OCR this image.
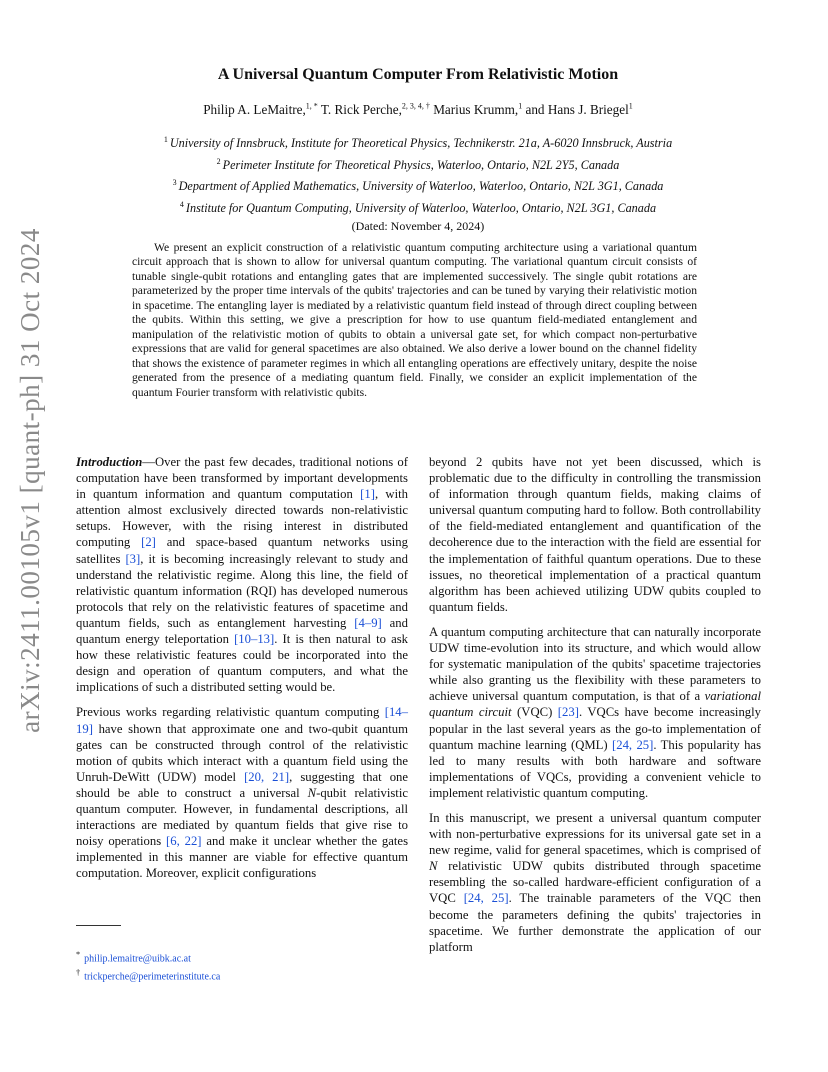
arXiv:2411.00105v1 [quant-ph] 31 Oct 2024
A Universal Quantum Computer From Relativistic Motion
Philip A. LeMaitre,$^{1, *}$ T. Rick Perche,$^{2, 3, 4, \dagger}$ Marius Krumm,$^1$ and Hans J. Briegel$^1$
$^1$ University of Innsbruck, Institute for Theoretical Physics, Technikerstr. 21a, A-6020 Innsbruck, Austria
$^2$ Perimeter Institute for Theoretical Physics, Waterloo, Ontario, N2L 2Y5, Canada
$^3$ Department of Applied Mathematics, University of Waterloo, Waterloo, Ontario, N2L 3G1, Canada
$^4$ Institute for Quantum Computing, University of Waterloo, Waterloo, Ontario, N2L 3G1, Canada
(Dated: November 4, 2024)
We present an explicit construction of a relativistic quantum computing architecture using a variational quantum circuit approach that is shown to allow for universal quantum computing. The variational quantum circuit consists of tunable single-qubit rotations and entangling gates that are implemented successively. The single qubit rotations are parameterized by the proper time intervals of the qubits' trajectories and can be tuned by varying their relativistic motion in spacetime. The entangling layer is mediated by a relativistic quantum field instead of through direct coupling between the qubits. Within this setting, we give a prescription for how to use quantum field-mediated entanglement and manipulation of the relativistic motion of qubits to obtain a universal gate set, for which compact non-perturbative expressions that are valid for general spacetimes are also obtained. We also derive a lower bound on the channel fidelity that shows the existence of parameter regimes in which all entangling operations are effectively unitary, despite the noise generated from the presence of a mediating quantum field. Finally, we consider an explicit implementation of the quantum Fourier transform with relativistic qubits.

Introduction—Over the past few decades, traditional notions of computation have been transformed by important developments in quantum information and quantum computation [1], with attention almost exclusively directed towards non-relativistic setups. However, with the rising interest in distributed computing [2] and space-based quantum networks using satellites [3], it is becoming increasingly relevant to study and understand the relativistic regime. Along this line, the field of relativistic quantum information (RQI) has developed numerous protocols that rely on the relativistic features of spacetime and quantum fields, such as entanglement harvesting [4–9] and quantum energy teleportation [10–13]. It is then natural to ask how these relativistic features could be incorporated into the design and operation of quantum computers, and what the implications of such a distributed setting would be.

Previous works regarding relativistic quantum computing [14–19] have shown that approximate one and two-qubit quantum gates can be constructed through control of the relativistic motion of qubits which interact with a quantum field using the Unruh-DeWitt (UDW) model [20, 21], suggesting that one should be able to construct a universal N-qubit relativistic quantum computer. However, in fundamental descriptions, all interactions are mediated by quantum fields that give rise to noisy operations [6, 22] and make it unclear whether the gates implemented in this manner are viable for effective quantum computation. Moreover, explicit configurations

beyond 2 qubits have not yet been discussed, which is problematic due to the difficulty in controlling the transmission of information through quantum fields, making claims of universal quantum computing hard to follow. Both controllability of the field-mediated entanglement and quantification of the decoherence due to the interaction with the field are essential for the implementation of faithful quantum operations. Due to these issues, no theoretical implementation of a practical quantum algorithm has been achieved utilizing UDW qubits coupled to quantum fields.

A quantum computing architecture that can naturally incorporate UDW time-evolution into its structure, and which would allow for systematic manipulation of the qubits' spacetime trajectories while also granting us the flexibility with these parameters to achieve universal quantum computation, is that of a variational quantum circuit (VQC) [23]. VQCs have become increasingly popular in the last several years as the go-to implementation of quantum machine learning (QML) [24, 25]. This popularity has led to many results with both hardware and software implementations of VQCs, providing a convenient vehicle to implement relativistic quantum computing.

In this manuscript, we present a universal quantum computer with non-perturbative expressions for its universal gate set in a new regime, valid for general spacetimes, which is comprised of N relativistic UDW qubits distributed through spacetime resembling the so-called hardware-efficient configuration of a VQC [24, 25]. The trainable parameters of the VQC then become the parameters defining the qubits' trajectories in spacetime. We further demonstrate the application of our platform

* philip.lemaitre@uibk.ac.at
† trickperche@perimeterinstitute.ca
